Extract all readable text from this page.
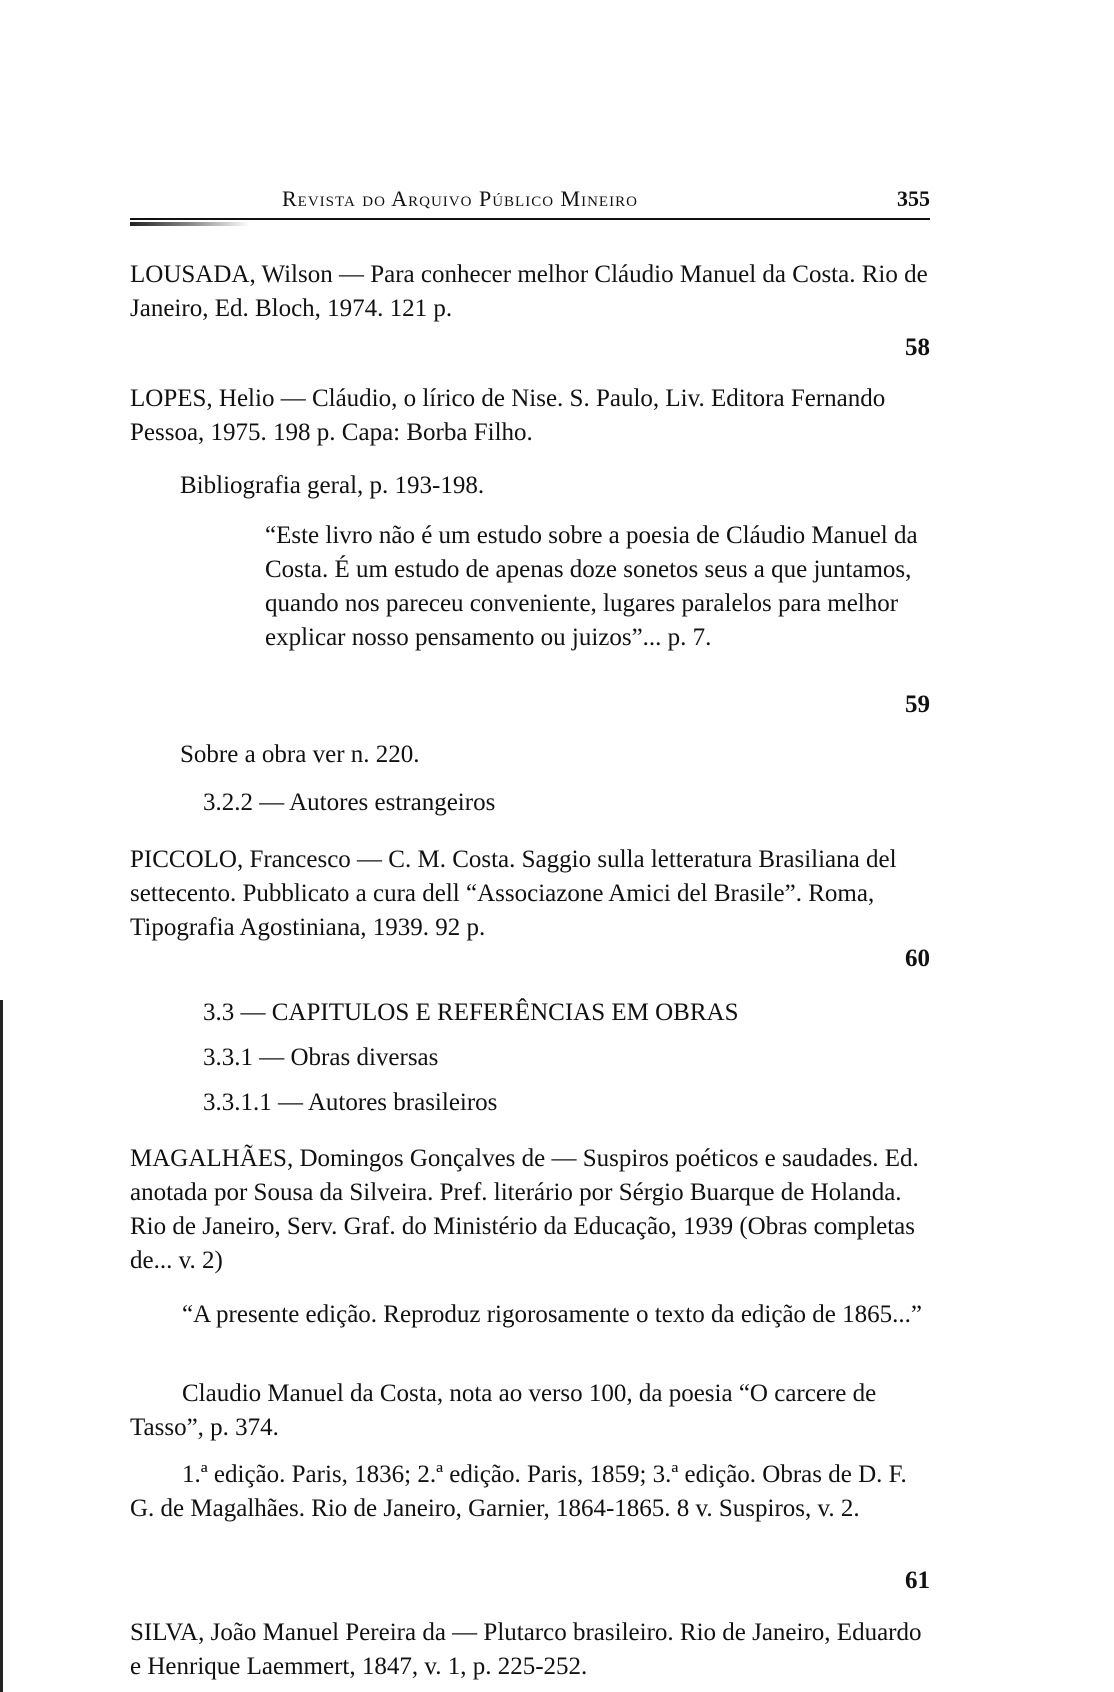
Revista do Arquivo Público Mineiro	355
LOUSADA, Wilson — Para conhecer melhor Cláudio Manuel da Costa. Rio de Janeiro, Ed. Bloch, 1974. 121 p.
58
LOPES, Helio — Cláudio, o lírico de Nise. S. Paulo, Liv. Editora Fernando Pessoa, 1975. 198 p. Capa: Borba Filho.
Bibliografia geral, p. 193-198.
“Este livro não é um estudo sobre a poesia de Cláudio Manuel da Costa. É um estudo de apenas doze sonetos seus a que juntamos, quando nos pareceu conveniente, lugares paralelos para melhor explicar nosso pensamento ou juizos”... p. 7.
59
Sobre a obra ver n. 220.
3.2.2 — Autores estrangeiros
PICCOLO, Francesco — C. M. Costa. Saggio sulla letteratura Brasiliana del settecento. Pubblicato a cura dell “Associazone Amici del Brasile”. Roma, Tipografia Agostiniana, 1939. 92 p.
60
3.3 — CAPITULOS E REFERÊNCIAS EM OBRAS
3.3.1 — Obras diversas
3.3.1.1 — Autores brasileiros
MAGALHÃES, Domingos Gonçalves de — Suspiros poéticos e saudades. Ed. anotada por Sousa da Silveira. Pref. literário por Sérgio Buarque de Holanda. Rio de Janeiro, Serv. Graf. do Ministério da Educação, 1939 (Obras completas de... v. 2)
“A presente edição. Reproduz rigorosamente o texto da edição de 1865...”
Claudio Manuel da Costa, nota ao verso 100, da poesia “O carcere de Tasso”, p. 374.
1.ª edição. Paris, 1836; 2.ª edição. Paris, 1859; 3.ª edição. Obras de D. F. G. de Magalhães. Rio de Janeiro, Garnier, 1864-1865. 8 v. Suspiros, v. 2.
61
SILVA, João Manuel Pereira da — Plutarco brasileiro. Rio de Janeiro, Eduardo e Henrique Laemmert, 1847, v. 1, p. 225-252.
